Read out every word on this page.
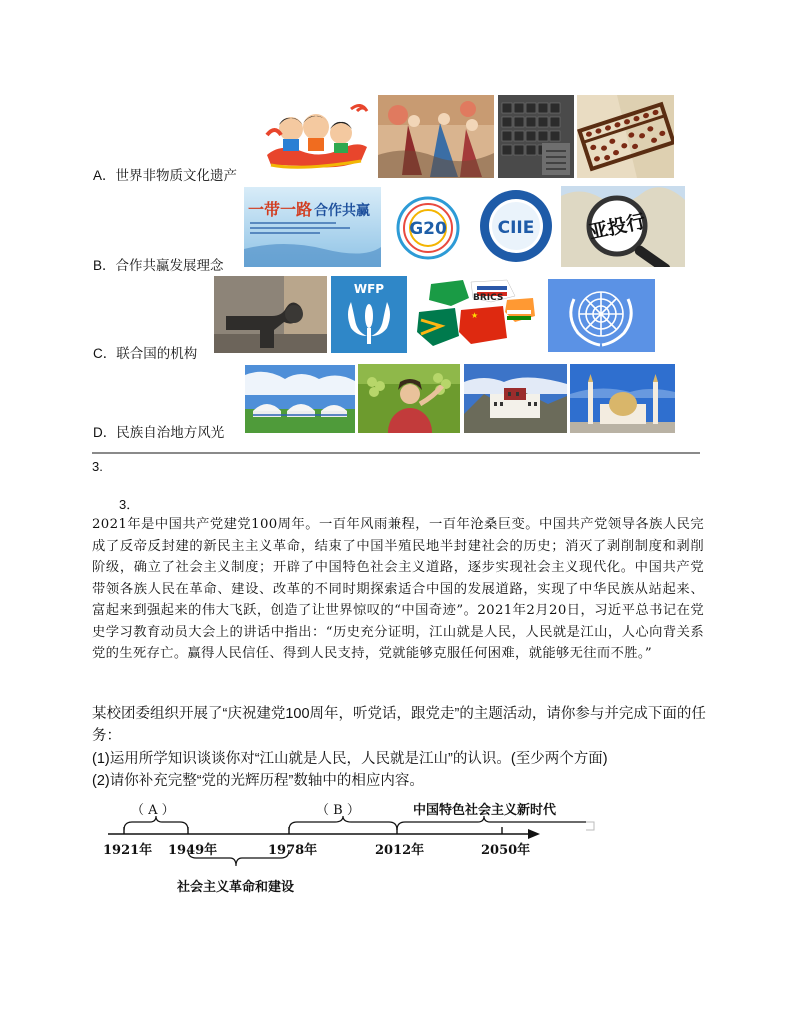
A．世界非物质文化遗产
B．合作共赢发展理念
一带一路 合作共赢
G20	CIIE	亚投行
C．联合国的机构
WFP
★
BRICS
D．民族自治地方风光
3.
3．

2021年是中国共产党建党100周年。一百年风雨兼程，一百年沧桑巨变。中国共产党领导各族人民完成了反帝反封建的新民主主义革命，结束了中国半殖民地半封建社会的历史；消灭了剥削制度和剥削阶级，确立了社会主义制度；开辟了中国特色社会主义道路，逐步实现社会主义现代化。中国共产党带领各族人民在革命、建设、改革的不同时期探索适合中国的发展道路，实现了中华民族从站起来、富起来到强起来的伟大飞跃，创造了让世界惊叹的“中国奇迹”。2021年2月20日，习近平总书记在党史学习教育动员大会上的讲话中指出：“历史充分证明，江山就是人民，人民就是江山，人心向背关系党的生死存亡。赢得人民信任、得到人民支持，党就能够克服任何困难，就能够无往而不胜。”

某校团委组织开展了“庆祝建党100周年，听党话，跟党走”的主题活动，请你参与并完成下面的任务：
(1)运用所学知识谈谈你对“江山就是人民，人民就是江山”的认识。(至少两个方面)
(2)请你补充完整“党的光辉历程”数轴中的相应内容。
（ A ）	（ B ）	中国特色社会主义新时代
1921年 1949年	1978年	2012年	2050年
社会主义革命和建设
